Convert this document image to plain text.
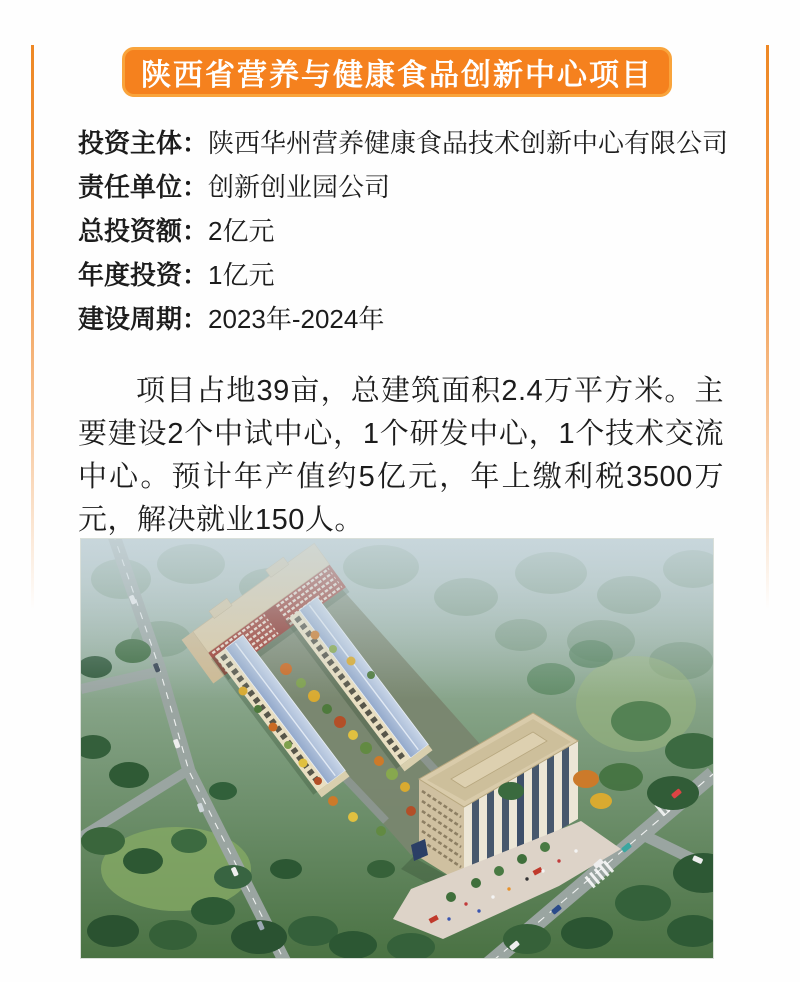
陕西省营养与健康食品创新中心项目
投资主体： 陕西华州营养健康食品技术创新中心有限公司
责任单位： 创新创业园公司
总投资额： 2亿元
年度投资： 1亿元
建设周期： 2023年-2024年

项目占地39亩，总建筑面积2.4万平方米。主要建设2个中试中心，1个研发中心，1个技术交流中心。预计年产值约5亿元，年上缴利税3500万元，解决就业150人。
